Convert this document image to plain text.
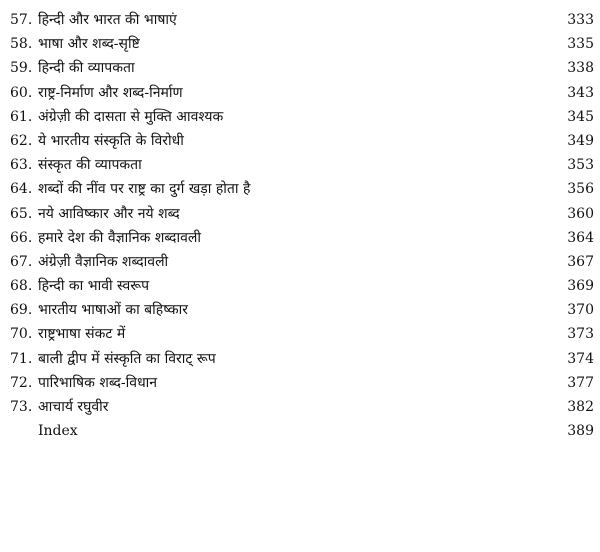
57. हिन्दी और भारत की भाषाएं	333
58. भाषा और शब्द-सृष्टि	335
59. हिन्दी की व्यापकता	338
60. राष्ट्र-निर्माण और शब्द-निर्माण	343
61. अंग्रेज़ी की दासता से मुक्ति आवश्यक	345
62. ये भारतीय संस्कृति के विरोधी	349
63. संस्कृत की व्यापकता	353
64. शब्दों की नींव पर राष्ट्र का दुर्ग खड़ा होता है	356
65. नये आविष्कार और नये शब्द	360
66. हमारे देश की वैज्ञानिक शब्दावली	364
67. अंग्रेज़ी वैज्ञानिक शब्दावली	367
68. हिन्दी का भावी स्वरूप	369
69. भारतीय भाषाओं का बहिष्कार	370
70. राष्ट्रभाषा संकट में	373
71. बाली द्वीप में संस्कृति का विराट् रूप	374
72. पारिभाषिक शब्द-विधान	377
73. आचार्य रघुवीर	382
Index	389
